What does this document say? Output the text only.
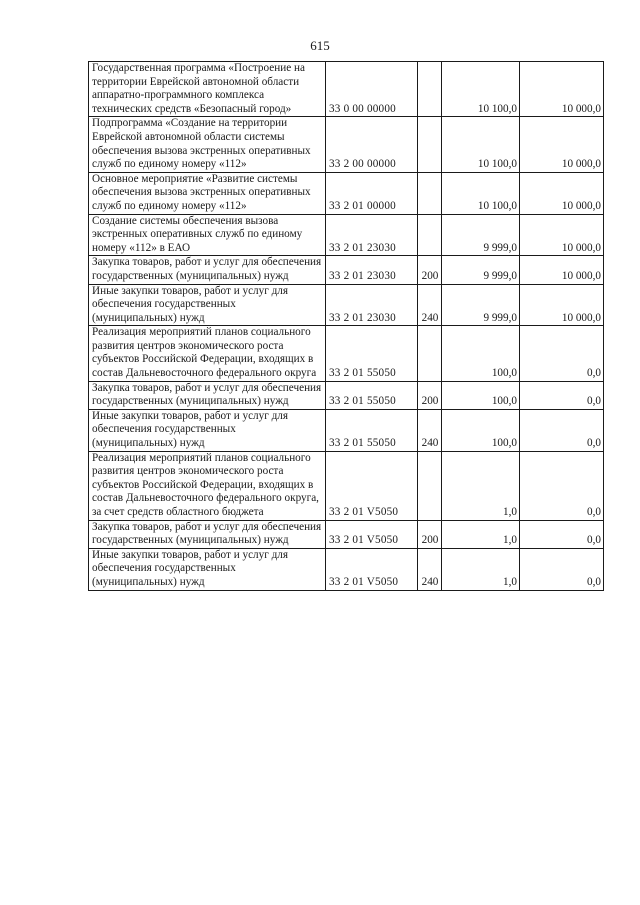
615
Государственная программа «Построение на территории Еврейской автономной области аппаратно-программного комплекса технических средств «Безопасный город»	33 0 00 00000		10 100,0	10 000,0
Подпрограмма «Создание на территории Еврейской автономной области системы обеспечения вызова экстренных оперативных служб по единому номеру «112»	33 2 00 00000		10 100,0	10 000,0
Основное мероприятие «Развитие системы обеспечения вызова экстренных оперативных служб по единому номеру «112»	33 2 01 00000		10 100,0	10 000,0
Создание системы обеспечения вызова экстренных оперативных служб по единому номеру «112» в ЕАО	33 2 01 23030		9 999,0	10 000,0
Закупка товаров, работ и услуг для обеспечения государственных (муниципальных) нужд	33 2 01 23030	200	9 999,0	10 000,0
Иные закупки товаров, работ и услуг для обеспечения государственных (муниципальных) нужд	33 2 01 23030	240	9 999,0	10 000,0
Реализация мероприятий планов социального развития центров экономического роста субъектов Российской Федерации, входящих в состав Дальневосточного федерального округа	33 2 01 55050		100,0	0,0
Закупка товаров, работ и услуг для обеспечения государственных (муниципальных) нужд	33 2 01 55050	200	100,0	0,0
Иные закупки товаров, работ и услуг для обеспечения государственных (муниципальных) нужд	33 2 01 55050	240	100,0	0,0
Реализация мероприятий планов социального развития центров экономического роста субъектов Российской Федерации, входящих в состав Дальневосточного федерального округа, за счет средств областного бюджета	33 2 01 V5050		1,0	0,0
Закупка товаров, работ и услуг для обеспечения государственных (муниципальных) нужд	33 2 01 V5050	200	1,0	0,0
Иные закупки товаров, работ и услуг для обеспечения государственных (муниципальных) нужд	33 2 01 V5050	240	1,0	0,0
